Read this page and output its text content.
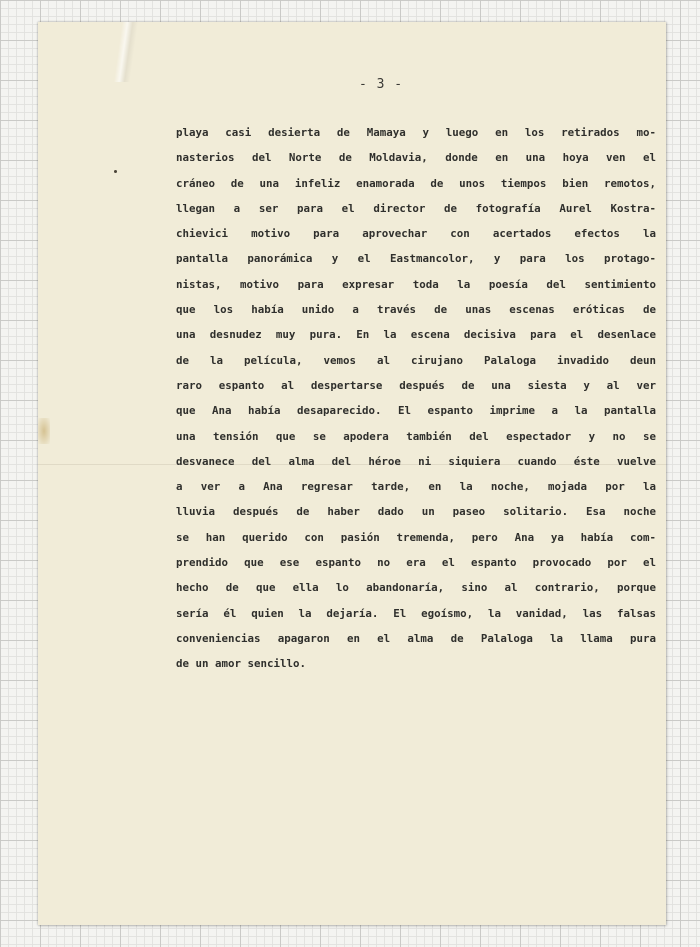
- 3 -
playa casi desierta de Mamaya y luego en los retirados mo-
nasterios del Norte de Moldavia, donde en una hoya ven el
cráneo de una infeliz enamorada de unos tiempos bien remotos,
llegan a ser para el director de fotografía Aurel Kostra-
chievici motivo para aprovechar con acertados efectos la
pantalla panorámica y el Eastmancolor, y para los protago-
nistas, motivo para expresar toda la poesía del sentimiento
que los había unido a través de unas escenas eróticas de
una desnudez muy pura. En la escena decisiva para el desenlace
de la película, vemos al cirujano Palaloga invadido deun
raro espanto al despertarse después de una siesta y al ver
que Ana había desaparecido. El espanto imprime a la pantalla
una tensión que se apodera también del espectador y no se
desvanece del alma del héroe ni siquiera cuando éste vuelve
a ver a Ana regresar tarde, en la noche, mojada por la
lluvia después de haber dado un paseo solitario. Esa noche
se han querido con pasión tremenda, pero Ana ya había com-
prendido que ese espanto no era el espanto provocado por el
hecho de que ella lo abandonaría, sino al contrario, porque
sería él quien la dejaría. El egoísmo, la vanidad, las falsas
conveniencias apagaron en el alma de Palaloga la llama pura
de un amor sencillo.
